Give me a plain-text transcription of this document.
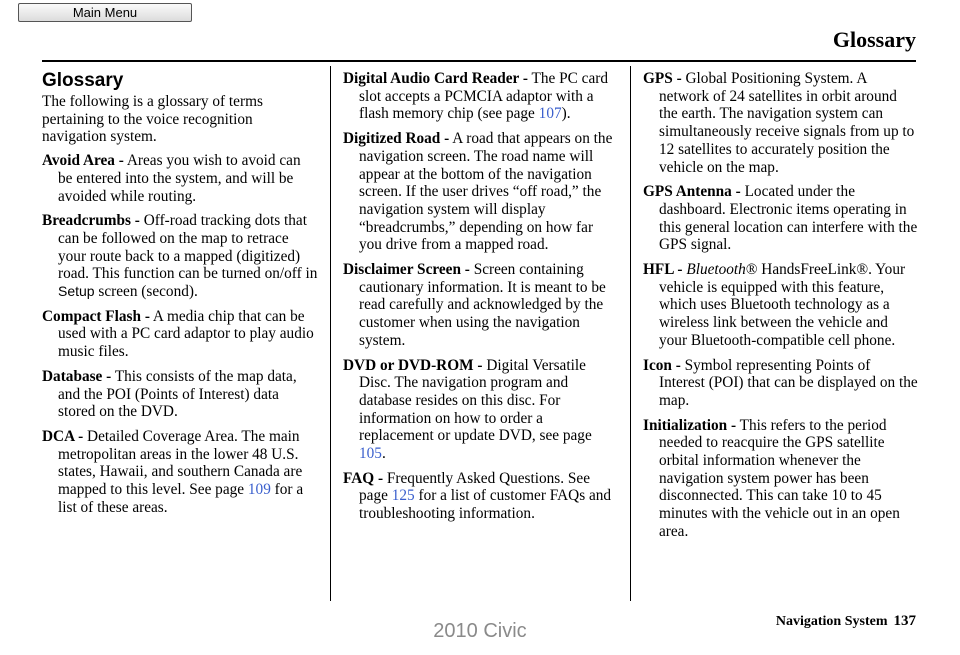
Main Menu
Glossary
Glossary
The following is a glossary of terms pertaining to the voice recognition navigation system.
Avoid Area - Areas you wish to avoid can be entered into the system, and will be avoided while routing.
Breadcrumbs - Off-road tracking dots that can be followed on the map to retrace your route back to a mapped (digitized) road. This function can be turned on/off in Setup screen (second).
Compact Flash - A media chip that can be used with a PC card adaptor to play audio music files.
Database - This consists of the map data, and the POI (Points of Interest) data stored on the DVD.
DCA - Detailed Coverage Area. The main metropolitan areas in the lower 48 U.S. states, Hawaii, and southern Canada are mapped to this level. See page 109 for a list of these areas.
Digital Audio Card Reader - The PC card slot accepts a PCMCIA adaptor with a flash memory chip (see page 107).
Digitized Road - A road that appears on the navigation screen. The road name will appear at the bottom of the navigation screen. If the user drives “off road,” the navigation system will display “breadcrumbs,” depending on how far you drive from a mapped road.
Disclaimer Screen - Screen containing cautionary information. It is meant to be read carefully and acknowledged by the customer when using the navigation system.
DVD or DVD-ROM - Digital Versatile Disc. The navigation program and database resides on this disc. For information on how to order a replacement or update DVD, see page 105.
FAQ - Frequently Asked Questions. See page 125 for a list of customer FAQs and troubleshooting information.
GPS - Global Positioning System. A network of 24 satellites in orbit around the earth. The navigation system can simultaneously receive signals from up to 12 satellites to accurately position the vehicle on the map.
GPS Antenna - Located under the dashboard. Electronic items operating in this general location can interfere with the GPS signal.
HFL - Bluetooth® HandsFreeLink®. Your vehicle is equipped with this feature, which uses Bluetooth technology as a wireless link between the vehicle and your Bluetooth-compatible cell phone.
Icon - Symbol representing Points of Interest (POI) that can be displayed on the map.
Initialization - This refers to the period needed to reacquire the GPS satellite orbital information whenever the navigation system power has been disconnected. This can take 10 to 45 minutes with the vehicle out in an open area.
Navigation System 137
2010 Civic
